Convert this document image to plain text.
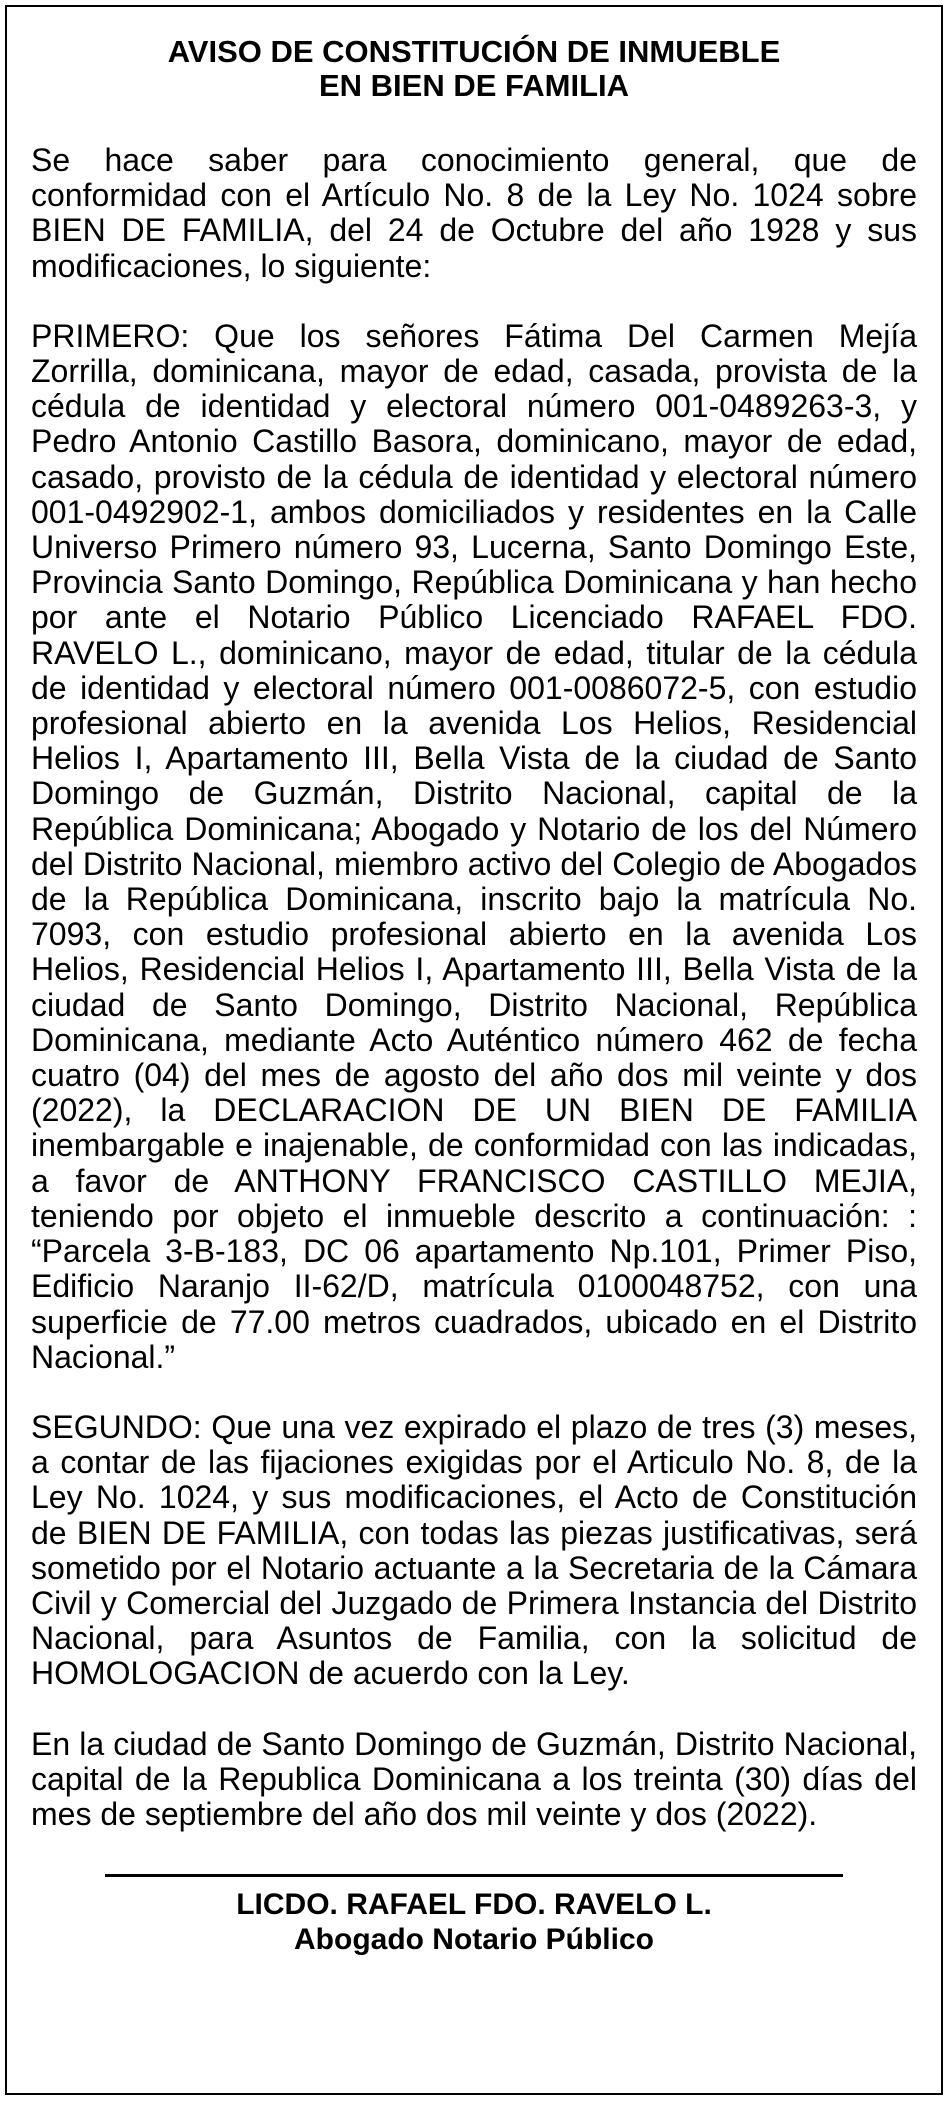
AVISO DE CONSTITUCIÓN DE INMUEBLE
EN BIEN DE FAMILIA

Se hace saber para conocimiento general, que de conformidad con el Artículo No. 8 de la Ley No. 1024 sobre BIEN DE FAMILIA, del 24 de Octubre del año 1928 y sus modificaciones, lo siguiente:

PRIMERO: Que los señores Fátima Del Carmen Mejía Zorrilla, dominicana, mayor de edad, casada, provista de la cédula de identidad y electoral número 001-0489263-3, y Pedro Antonio Castillo Basora, dominicano, mayor de edad, casado, provisto de la cédula de identidad y electoral número 001-0492902-1, ambos domiciliados y residentes en la Calle Universo Primero número 93, Lucerna, Santo Domingo Este, Provincia Santo Domingo, República Dominicana y han hecho por ante el Notario Público Licenciado RAFAEL FDO. RAVELO L., dominicano, mayor de edad, titular de la cédula de identidad y electoral número 001-0086072-5, con estudio profesional abierto en la avenida Los Helios, Residencial Helios I, Apartamento III, Bella Vista de la ciudad de Santo Domingo de Guzmán, Distrito Nacional, capital de la República Dominicana; Abogado y Notario de los del Número del Distrito Nacional, miembro activo del Colegio de Abogados de la República Dominicana, inscrito bajo la matrícula No. 7093, con estudio profesional abierto en la avenida Los Helios, Residencial Helios I, Apartamento III, Bella Vista de la ciudad de Santo Domingo, Distrito Nacional, República Dominicana, mediante Acto Auténtico número 462 de fecha cuatro (04) del mes de agosto del año dos mil veinte y dos (2022), la DECLARACION DE UN BIEN DE FAMILIA inembargable e inajenable, de conformidad con las indicadas, a favor de ANTHONY FRANCISCO CASTILLO MEJIA, teniendo por objeto el inmueble descrito a continuación: : “Parcela 3-B-183, DC 06 apartamento Np.101, Primer Piso, Edificio Naranjo II-62/D, matrícula 0100048752, con una superficie de 77.00 metros cuadrados, ubicado en el Distrito Nacional.”

SEGUNDO: Que una vez expirado el plazo de tres (3) meses, a contar de las fijaciones exigidas por el Articulo No. 8, de la Ley No. 1024, y sus modificaciones, el Acto de Constitución de BIEN DE FAMILIA, con todas las piezas justificativas, será sometido por el Notario actuante a la Secretaria de la Cámara Civil y Comercial del Juzgado de Primera Instancia del Distrito Nacional, para Asuntos de Familia, con la solicitud de HOMOLOGACION de acuerdo con la Ley.

En la ciudad de Santo Domingo de Guzmán, Distrito Nacional, capital de la Republica Dominicana a los treinta (30) días del mes de septiembre del año dos mil veinte y dos (2022).

LICDO. RAFAEL FDO. RAVELO L.
Abogado Notario Público
